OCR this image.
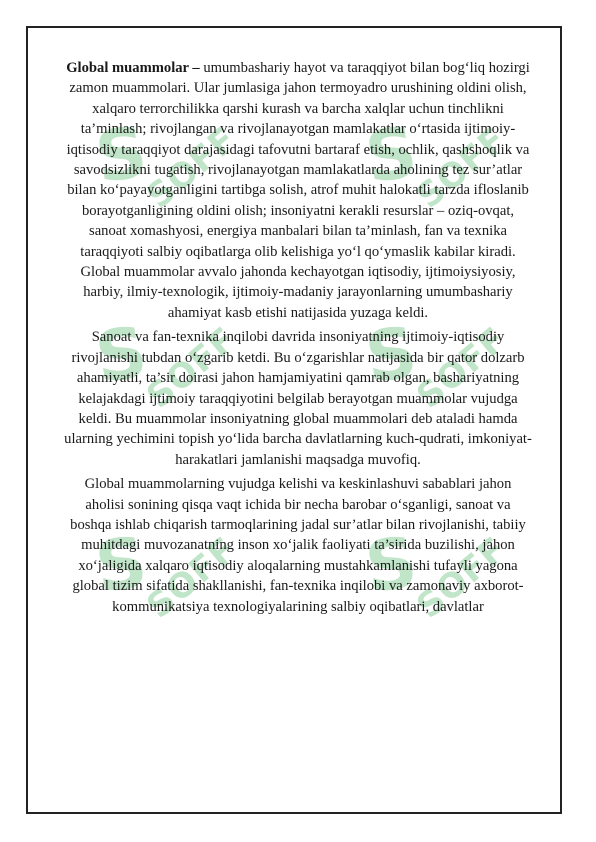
SSOFF SSOFF
SSOFF SSOFF
SSOFF SSOFF

Global muammolar – umumbashariy hayot va taraqqiyot bilan bog‘liq hozirgi zamon muammolari. Ular jumlasiga jahon termoyadro urushining oldini olish, xalqaro terrorchilikka qarshi kurash va barcha xalqlar uchun tinchlikni ta’minlash; rivojlangan va rivojlanayotgan mamlakatlar o‘rtasida ijtimoiy-iqtisodiy taraqqiyot darajasidagi tafovutni bartaraf etish, ochlik, qashshoqlik va savodsizlikni tugatish, rivojlanayotgan mamlakatlarda aholining tez sur’atlar bilan ko‘payayotganligini tartibga solish, atrof muhit halokatli tarzda ifloslanib borayotganligining oldini olish; insoniyatni kerakli resurslar – oziq-ovqat, sanoat xomashyosi, energiya manbalari bilan ta’minlash, fan va texnika taraqqiyoti salbiy oqibatlarga olib kelishiga yo‘l qo‘ymaslik kabilar kiradi. Global muammolar avvalo jahonda kechayotgan iqtisodiy, ijtimoiysiyosiy, harbiy, ilmiy-texnologik, ijtimoiy-madaniy jarayonlarning umumbashariy ahamiyat kasb etishi natijasida yuzaga keldi.

Sanoat va fan-texnika inqilobi davrida insoniyatning ijtimoiy-iqtisodiy rivojlanishi tubdan o‘zgarib ketdi. Bu o‘zgarishlar natijasida bir qator dolzarb ahamiyatli, ta’sir doirasi jahon hamjamiyatini qamrab olgan, bashariyatning kelajakdagi ijtimoiy taraqqiyotini belgilab berayotgan muammolar vujudga keldi. Bu muammolar insoniyatning global muammolari deb ataladi hamda ularning yechimini topish yo‘lida barcha davlatlarning kuch-qudrati, imkoniyat-harakatlari jamlanishi maqsadga muvofiq.

Global muammolarning vujudga kelishi va keskinlashuvi sabablari jahon aholisi sonining qisqa vaqt ichida bir necha barobar o‘sganligi, sanoat va boshqa ishlab chiqarish tarmoqlarining jadal sur’atlar bilan rivojlanishi, tabiiy muhitdagi muvozanatning inson xo‘jalik faoliyati ta’sirida buzilishi, jahon xo‘jaligida xalqaro iqtisodiy aloqalarning mustahkamlanishi tufayli yagona global tizim sifatida shakllanishi, fan-texnika inqilobi va zamonaviy axborot-kommunikatsiya texnologiyalarining salbiy oqibatlari, davlatlar
